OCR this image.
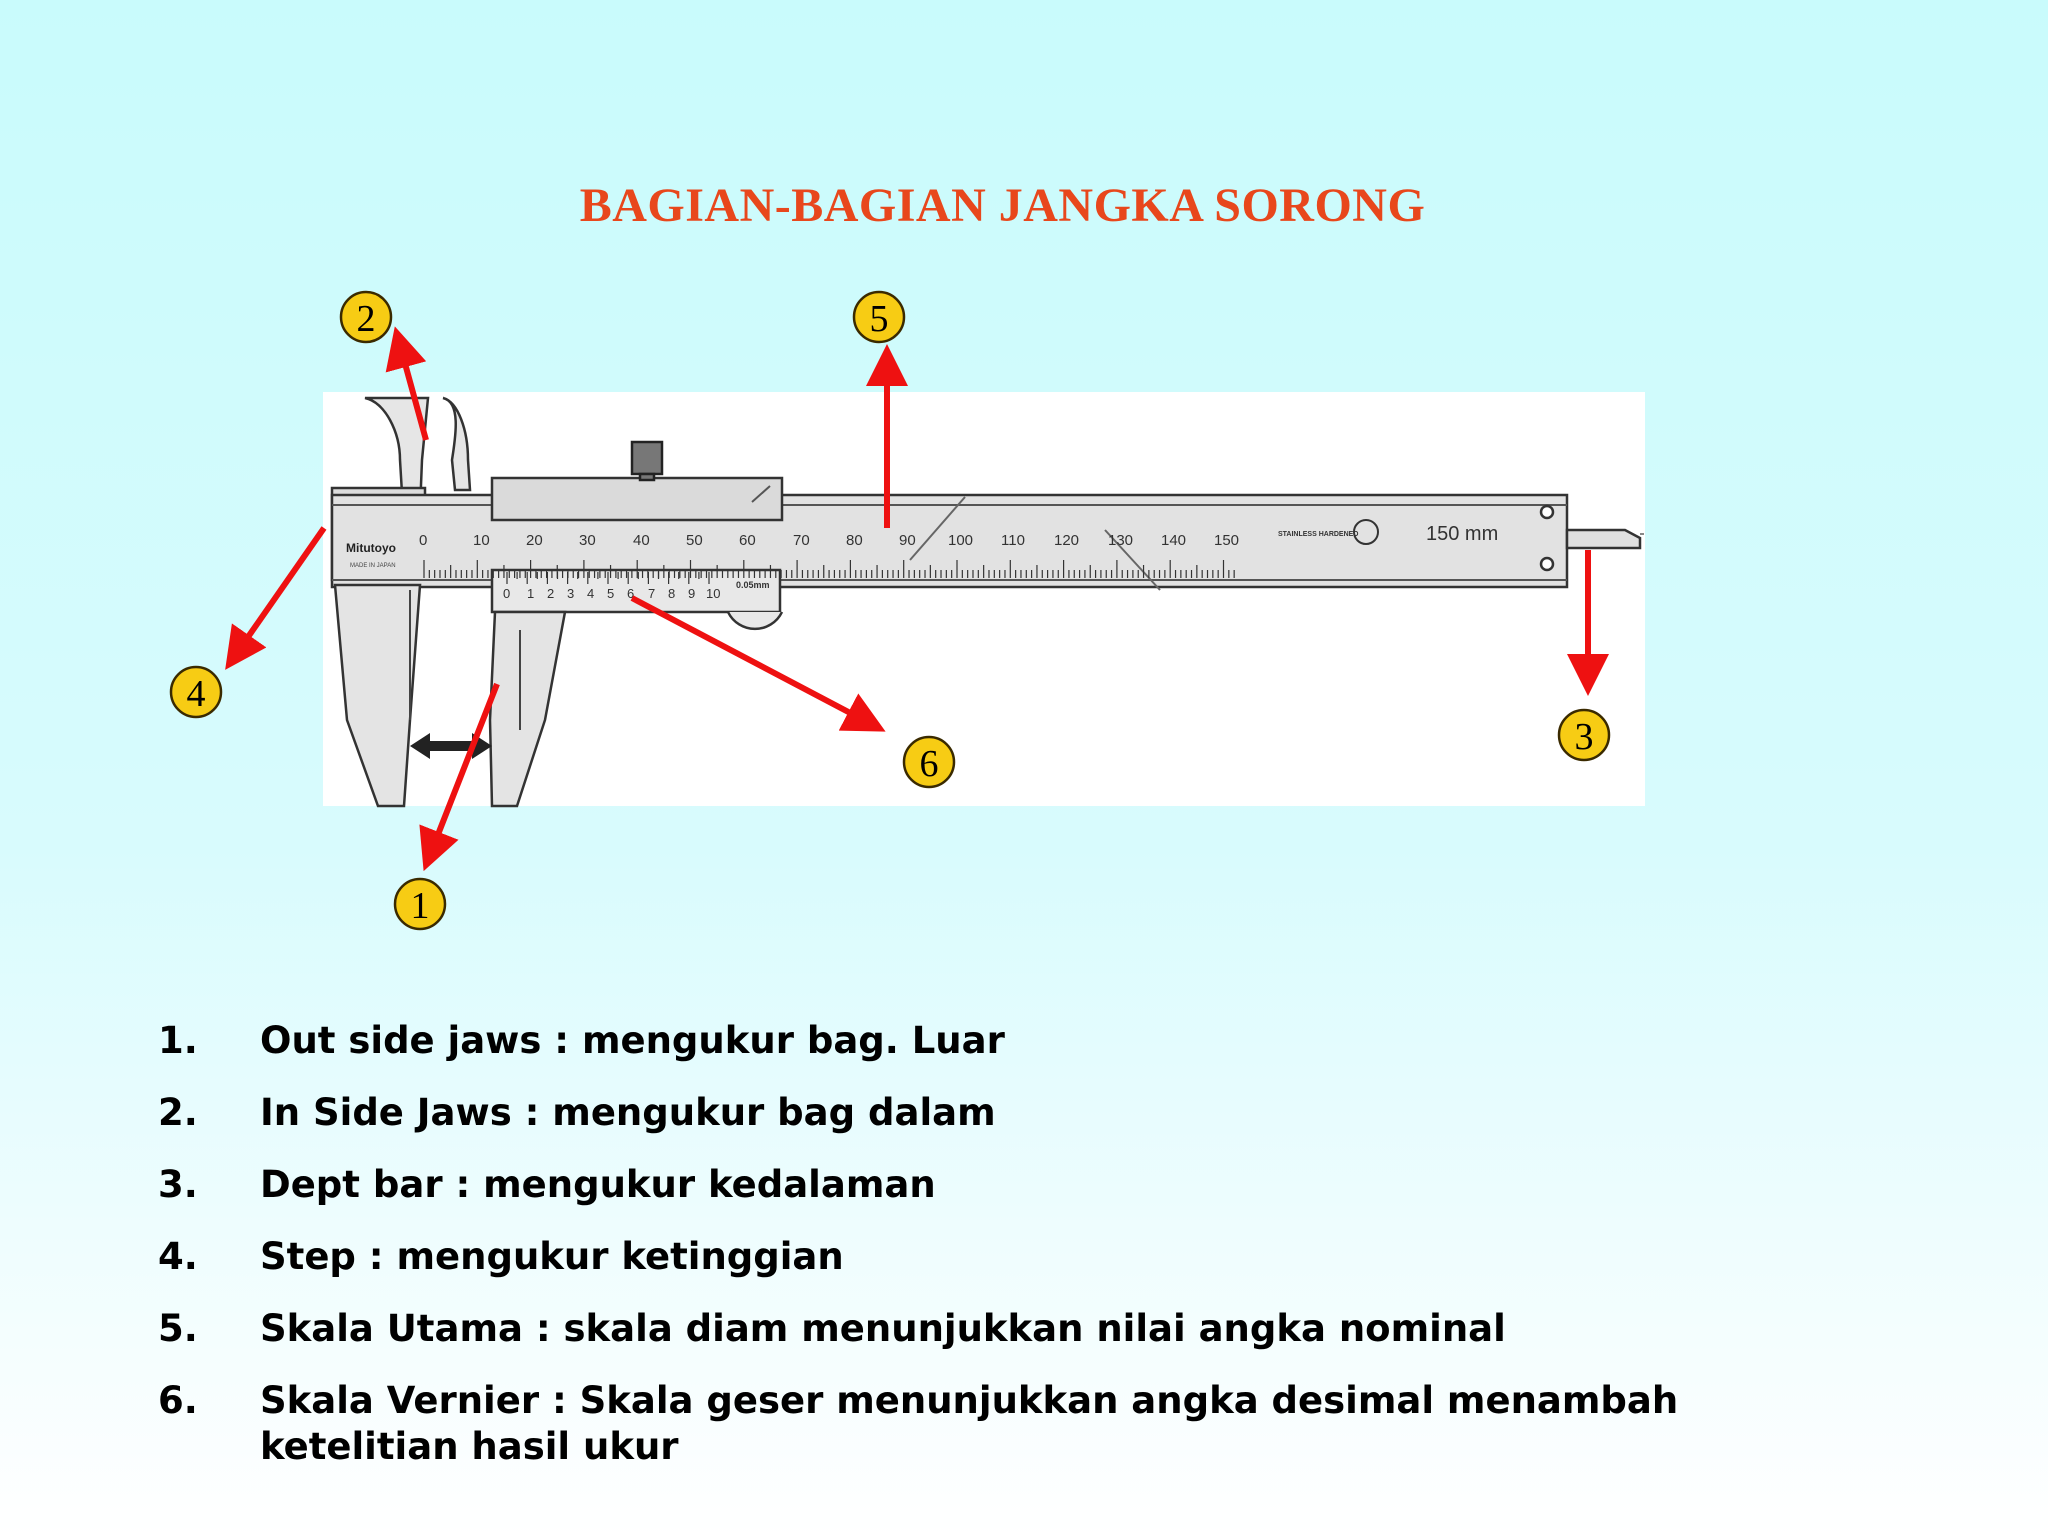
BAGIAN-BAGIAN JANGKA SORONG
0	10 20 30 40 50 60 70 80 90 100 110 120 130 140 150
0 1 2 3 4 5 6 7 8 9 10
0.05mm
Mitutoyo
MADE IN JAPAN
STAINLESS HARDENED	150 mm
1
2
3
4
5
6
1.	Out side jaws : mengukur bag. Luar
2.	In Side Jaws : mengukur bag dalam
3.	Dept bar : mengukur kedalaman
4.	Step : mengukur ketinggian
5.	Skala Utama : skala diam menunjukkan nilai angka nominal
6.	Skala Vernier : Skala geser menunjukkan angka desimal menambah ketelitian hasil ukur
